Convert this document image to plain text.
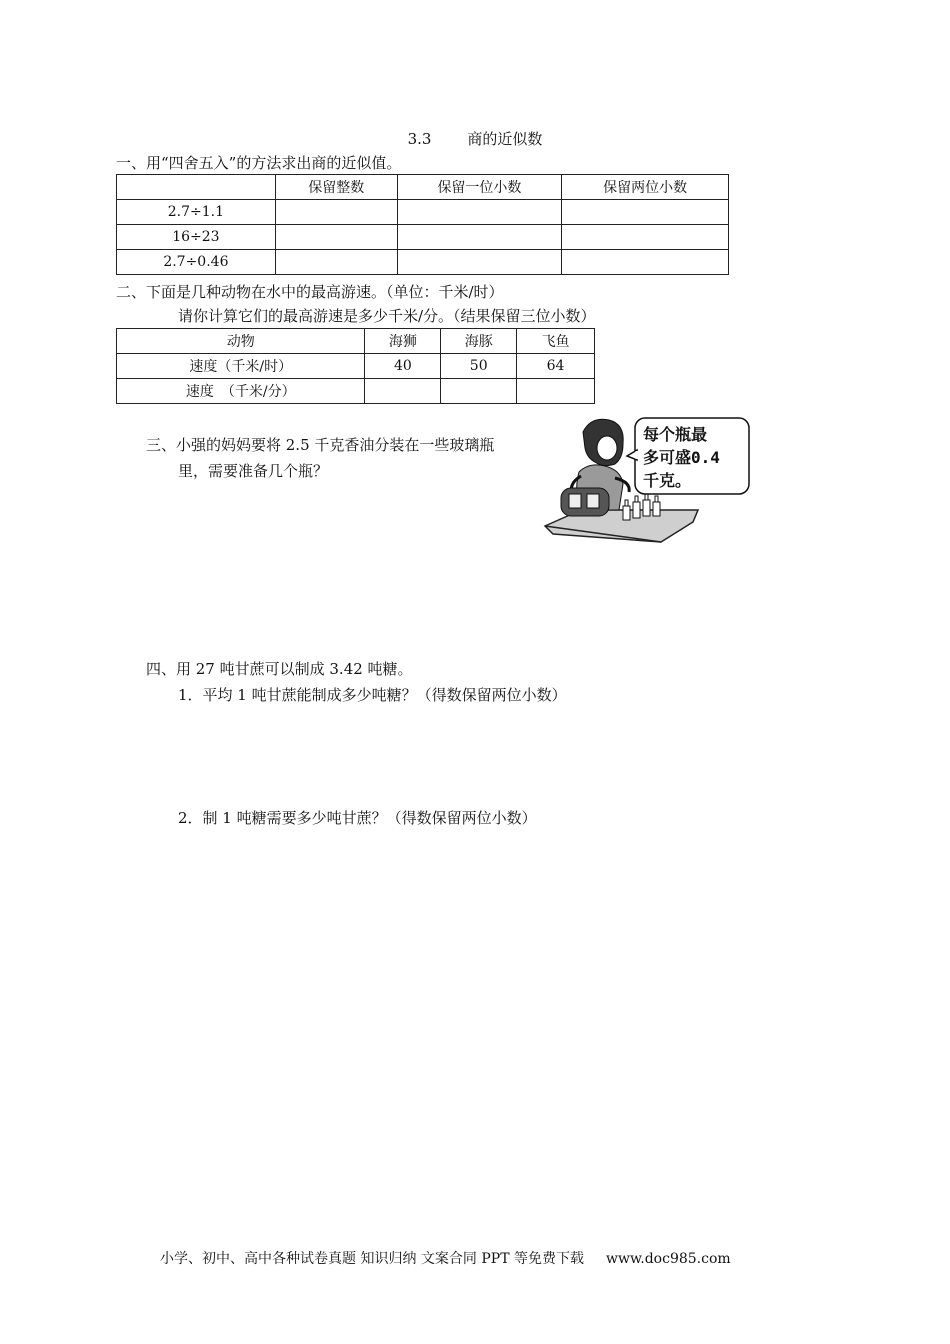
3.3 商的近似数
一、用“四舍五入”的方法求出商的近似值。
	保留整数	保留一位小数	保留两位小数
2.7÷1.1			
16÷23			
2.7÷0.46			
二、下面是几种动物在水中的最高游速。（单位：千米/时）
请你计算它们的最高游速是多少千米/分。（结果保留三位小数）
动物	海狮	海豚	飞鱼
速度（千米/时）	40	50	64
速度　（千米/分）			
三、小强的妈妈要将 2.5 千克香油分装在一些玻璃瓶
里，需要准备几个瓶？
每个瓶最
多可盛0.4
千克。
四、用 27 吨甘蔗可以制成 3.42 吨糖。
1．平均 1 吨甘蔗能制成多少吨糖？（得数保留两位小数）
2．制 1 吨糖需要多少吨甘蔗？（得数保留两位小数）
小学、初中、高中各种试卷真题 知识归纳 文案合同 PPT 等免费下载 www.doc985.com
